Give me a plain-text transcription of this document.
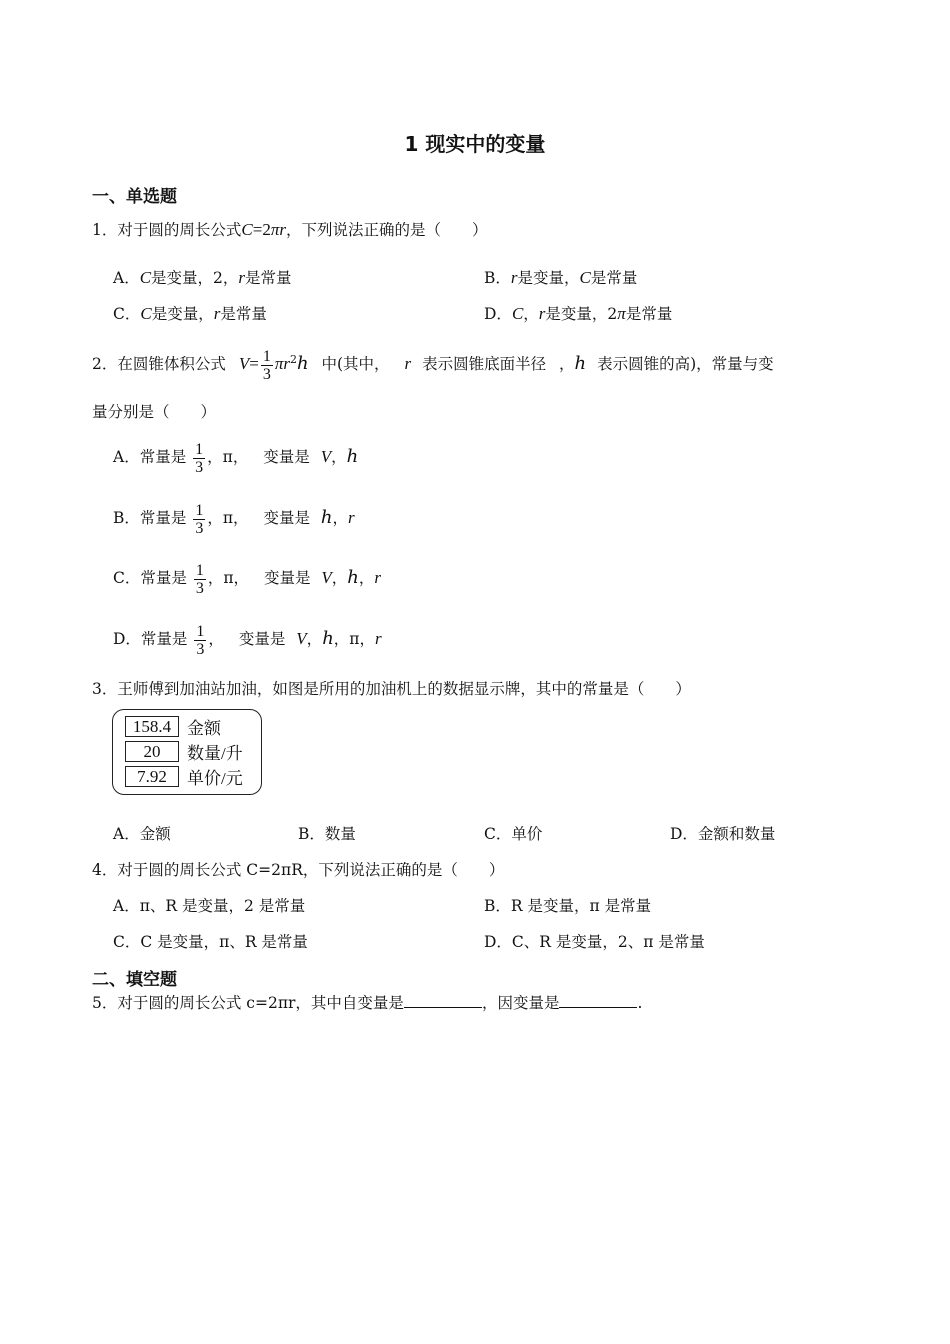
1 现实中的变量
一、单选题
1．对于圆的周长公式C=2πr，下列说法正确的是（　　）
A．C是变量，2，r是常量	B．r是变量，C是常量
C．C是变量，r是常量	D．C，r是变量，2π是常量
2．在圆锥体积公式 $V= \frac{1}{3} \pi r^2h$ 中(其中， r 表示圆锥底面半径 ，h 表示圆锥的高)，常量与变
量分别是（　　）
A．常量是 $\frac{1}{3}$ ，π， 变量是 V，h
B．常量是 $\frac{1}{3}$ ，π， 变量是 h，r
C．常量是 $\frac{1}{3}$ ，π， 变量是 V，h，r
D．常量是 $\frac{1}{3}$ ， 变量是 V，h，π，r
3．王师傅到加油站加油，如图是所用的加油机上的数据显示牌，其中的常量是（　　）
158.4 金额
20	数量/升
7.92	单价/元
A．金额	B．数量	C．单价	D．金额和数量
4．对于圆的周长公式 C=2πR，下列说法正确的是（　　）
A．π、R 是变量，2 是常量	B．R 是变量，π 是常量
C．C 是变量，π、R 是常量	D．C、R 是变量，2、π 是常量
二、填空题
5．对于圆的周长公式 c=2πr，其中自变量是	，因变量是	.
